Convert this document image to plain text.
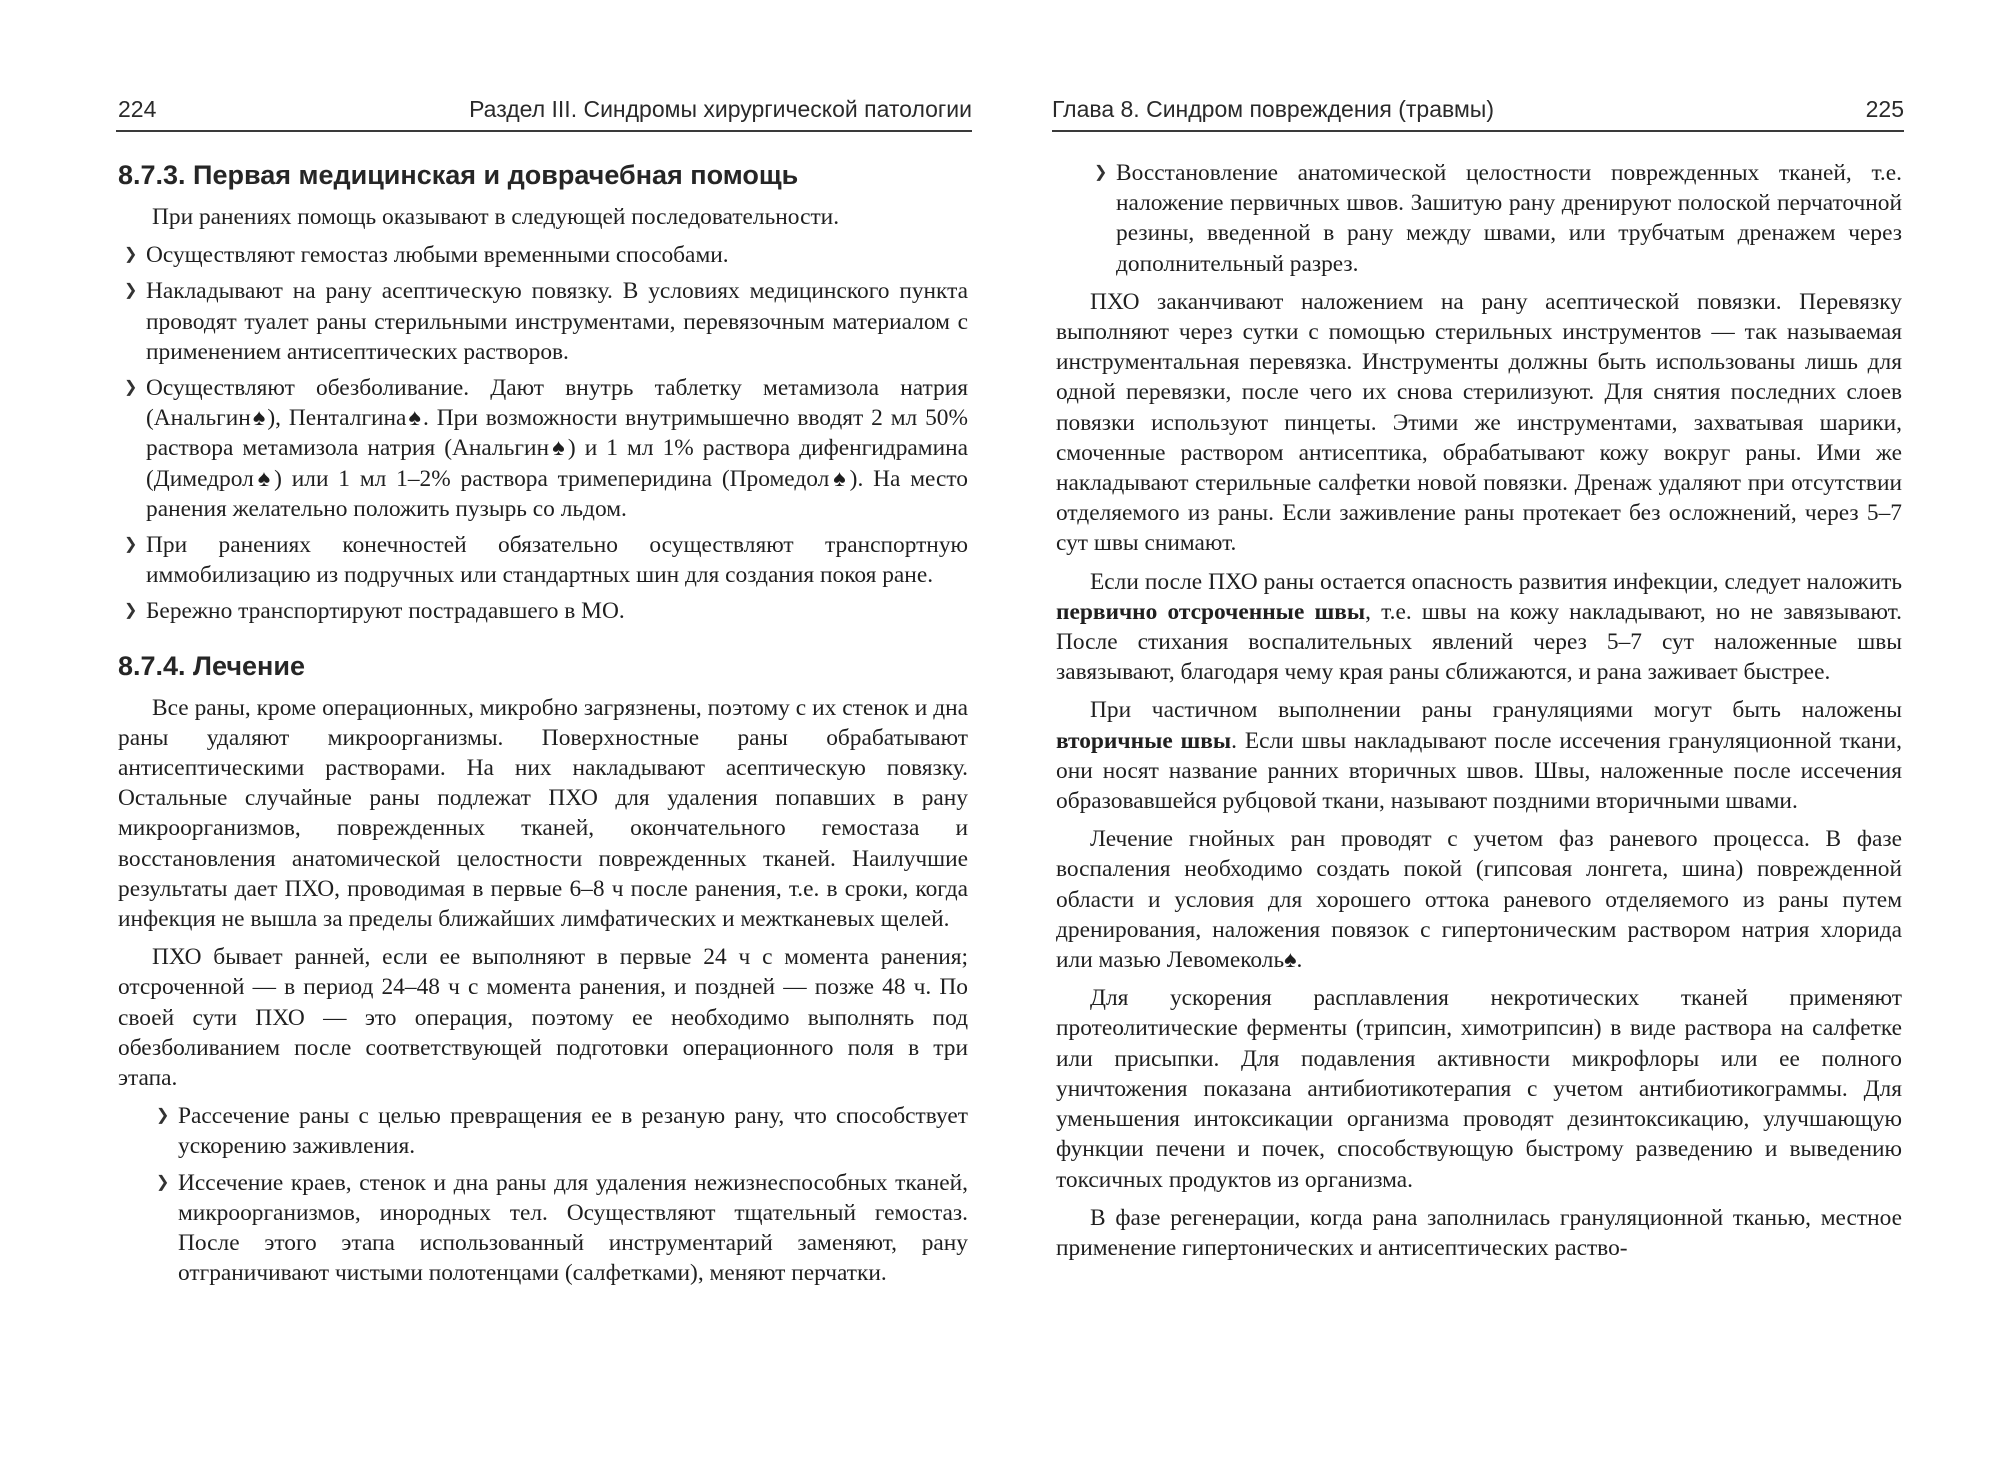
224	Раздел III. Синдромы хирургической патологии
8.7.3. Первая медицинская и доврачебная помощь

При ранениях помощь оказывают в следующей последовательности.

❯ Осуществляют гемостаз любыми временными способами.
❯ Накладывают на рану асептическую повязку. В условиях медицинского пункта проводят туалет раны стерильными инструментами, перевязочным материалом с применением антисептических растворов.
❯ Осуществляют обезболивание. Дают внутрь таблетку метамизола натрия (Анальгин♠), Пенталгина♠. При возможности внутримышечно вводят 2 мл 50% раствора метамизола натрия (Анальгин♠) и 1 мл 1% раствора дифенгидрамина (Димедрол♠) или 1 мл 1–2% раствора тримеперидина (Промедол♠). На место ранения желательно положить пузырь со льдом.
❯ При ранениях конечностей обязательно осуществляют транспортную иммобилизацию из подручных или стандартных шин для создания покоя ране.
❯ Бережно транспортируют пострадавшего в МО.
8.7.4. Лечение

Все раны, кроме операционных, микробно загрязнены, поэтому с их стенок и дна раны удаляют микроорганизмы. Поверхностные раны обрабатывают антисептическими растворами. На них накладывают асептическую повязку. Остальные случайные раны подлежат ПХО для удаления попавших в рану микроорганизмов, поврежденных тканей, окончательного гемостаза и восстановления анатомической целостности поврежденных тканей. Наилучшие результаты дает ПХО, проводимая в первые 6–8 ч после ранения, т.е. в сроки, когда инфекция не вышла за пределы ближайших лимфатических и межтканевых щелей.

ПХО бывает ранней, если ее выполняют в первые 24 ч с момента ранения; отсроченной — в период 24–48 ч с момента ранения, и поздней — позже 48 ч. По своей сути ПХО — это операция, поэтому ее необходимо выполнять под обезболиванием после соответствующей подготовки операционного поля в три этапа.

❯ Рассечение раны с целью превращения ее в резаную рану, что способствует ускорению заживления.
❯ Иссечение краев, стенок и дна раны для удаления нежизнеспособных тканей, микроорганизмов, инородных тел. Осуществляют тщательный гемостаз. После этого этапа использованный инструментарий заменяют, рану отграничивают чистыми полотенцами (салфетками), меняют перчатки.
Глава 8. Синдром повреждения (травмы)	225
❯ Восстановление анатомической целостности поврежденных тканей, т.е. наложение первичных швов. Зашитую рану дренируют полоской перчаточной резины, введенной в рану между швами, или трубчатым дренажем через дополнительный разрез.

ПХО заканчивают наложением на рану асептической повязки. Перевязку выполняют через сутки с помощью стерильных инструментов — так называемая инструментальная перевязка. Инструменты должны быть использованы лишь для одной перевязки, после чего их снова стерилизуют. Для снятия последних слоев повязки используют пинцеты. Этими же инструментами, захватывая шарики, смоченные раствором антисептика, обрабатывают кожу вокруг раны. Ими же накладывают стерильные салфетки новой повязки. Дренаж удаляют при отсутствии отделяемого из раны. Если заживление раны протекает без осложнений, через 5–7 сут швы снимают.

Если после ПХО раны остается опасность развития инфекции, следует наложить первично отсроченные швы, т.е. швы на кожу накладывают, но не завязывают. После стихания воспалительных явлений через 5–7 сут наложенные швы завязывают, благодаря чему края раны сближаются, и рана заживает быстрее.

При частичном выполнении раны грануляциями могут быть наложены вторичные швы. Если швы накладывают после иссечения грануляционной ткани, они носят название ранних вторичных швов. Швы, наложенные после иссечения образовавшейся рубцовой ткани, называют поздними вторичными швами.

Лечение гнойных ран проводят с учетом фаз раневого процесса. В фазе воспаления необходимо создать покой (гипсовая лонгета, шина) поврежденной области и условия для хорошего оттока раневого отделяемого из раны путем дренирования, наложения повязок с гипертоническим раствором натрия хлорида или мазью Левомеколь♠.

Для ускорения расплавления некротических тканей применяют протеолитические ферменты (трипсин, химотрипсин) в виде раствора на салфетке или присыпки. Для подавления активности микрофлоры или ее полного уничтожения показана антибиотикотерапия с учетом антибиотикограммы. Для уменьшения интоксикации организма проводят дезинтоксикацию, улучшающую функции печени и почек, способствующую быстрому разведению и выведению токсичных продуктов из организма.

В фазе регенерации, когда рана заполнилась грануляционной тканью, местное применение гипертонических и антисептических раство-
